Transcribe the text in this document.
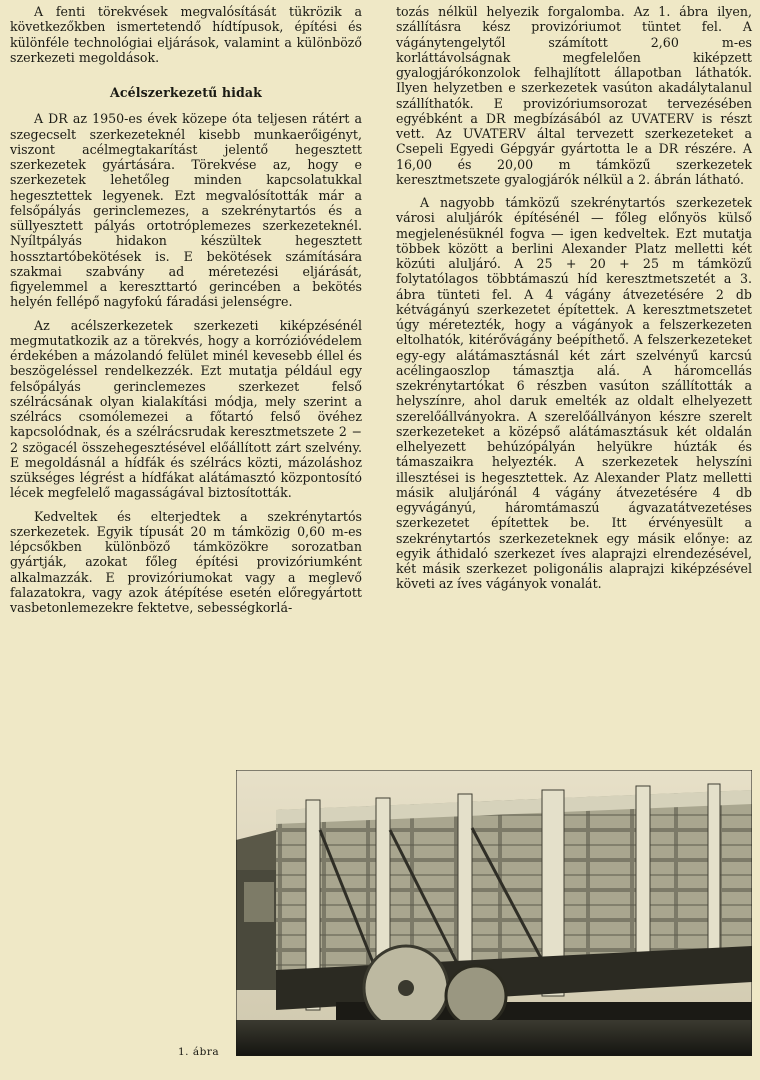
A fenti törekvések megvalósítását tükrözik a következőkben ismertetendő hídtípusok, építési és különféle technológiai eljárások, valamint a különböző szerkezeti megoldások.

Acélszerkezetű hidak

A DR az 1950-es évek közepe óta teljesen rátért a szegecselt szerkezeteknél kisebb munkaerőigényt, viszont acélmegtakarítást jelentő hegesztett szerkezetek gyártására. Törekvése az, hogy e szerkezetek lehetőleg minden kapcsolatukkal hegesztettek legyenek. Ezt megvalósították már a felsőpályás gerinclemezes, a szekrénytartós és a süllyesztett pályás ortotróplemezes szerkezeteknél. Nyíltpályás hidakon készültek hegesztett hossztartóbekötések is. E bekötések számítására szakmai szabvány ad méretezési eljárását, figyelemmel a kereszttartó gerincében a bekötés helyén fellépő nagyfokú fáradási jelenségre.

Az acélszerkezetek szerkezeti kiképzésénél megmutatkozik az a törekvés, hogy a korrózióvédelem érdekében a mázolandó felület minél kevesebb éllel és beszögeléssel rendelkezzék. Ezt mutatja például egy felsőpályás gerinclemezes szerkezet felső szélrácsának olyan kialakítási módja, mely szerint a szélrács csomólemezei a főtartó felső övéhez kapcsolódnak, és a szélrácsrudak keresztmetszete 2 − 2 szögacél összehegesztésével előállított zárt szelvény. E megoldásnál a hídfák és szélrács közti, mázoláshoz szükséges légrést a hídfákat alátámasztó központosító lécek megfelelő magasságával biztosították.

Kedveltek és elterjedtek a szekrénytartós szerkezetek. Egyik típusát 20 m támközig 0,60 m-es lépcsőkben különböző támközökre sorozatban gyártják, azokat főleg építési provizóriumként alkalmazzák. E provizóriumokat vagy a meglevő falazatokra, vagy azok átépítése esetén előregyártott vasbetonlemezekre fektetve, sebességkorlá-

tozás nélkül helyezik forgalomba. Az 1. ábra ilyen, szállításra kész provizóriumot tüntet fel. A vágánytengelytől számított 2,60 m-es korláttávolságnak megfelelően kiképzett gyalogjárókonzolok felhajlított állapotban láthatók. Ilyen helyzetben e szerkezetek vasúton akadálytalanul szállíthatók. E provizóriumsorozat tervezésében egyébként a DR megbízásából az UVATERV is részt vett. Az UVATERV által tervezett szerkezeteket a Csepeli Egyedi Gépgyár gyártotta le a DR részére. A 16,00 és 20,00 m támközű szerkezetek keresztmetszete gyalogjárók nélkül a 2. ábrán látható.

A nagyobb támközű szekrénytartós szerkezetek városi aluljárók építésénél — főleg előnyös külső megjelenésüknél fogva — igen kedveltek. Ezt mutatja többek között a berlini Alexander Platz melletti két közúti aluljáró. A 25 + 20 + 25 m támközű folytatólagos többtámaszú híd keresztmetszetét a 3. ábra tünteti fel. A 4 vágány átvezetésére 2 db kétvágányú szerkezetet építettek. A keresztmetszetet úgy méretezték, hogy a vágányok a felszerkezeten eltolhatók, kitérővágány beépíthető. A felszerkezeteket egy-egy alátámasztásnál két zárt szelvényű karcsú acélingaoszlop támasztja alá. A háromcellás szekrénytartókat 6 részben vasúton szállították a helyszínre, ahol daruk emelték az oldalt elhelyezett szerelőállványokra. A szerelőállványon készre szerelt szerkezeteket a középső alátámasztásuk két oldalán elhelyezett behúzópályán helyükre húzták és támaszaikra helyezték. A szerkezetek helyszíni illesztései is hegesztettek. Az Alexander Platz melletti másik aluljárónál 4 vágány átvezetésére 4 db egyvágányú, háromtámaszú ágvazatátvezetéses szerkezetet építettek be. Itt érvényesült a szekrénytartós szerkezeteknek egy másik előnye: az egyik áthidaló szerkezet íves alaprajzi elrendezésével, két másik szerkezet poligonális alaprajzi kiképzésével követi az íves vágányok vonalát.

1. ábra
